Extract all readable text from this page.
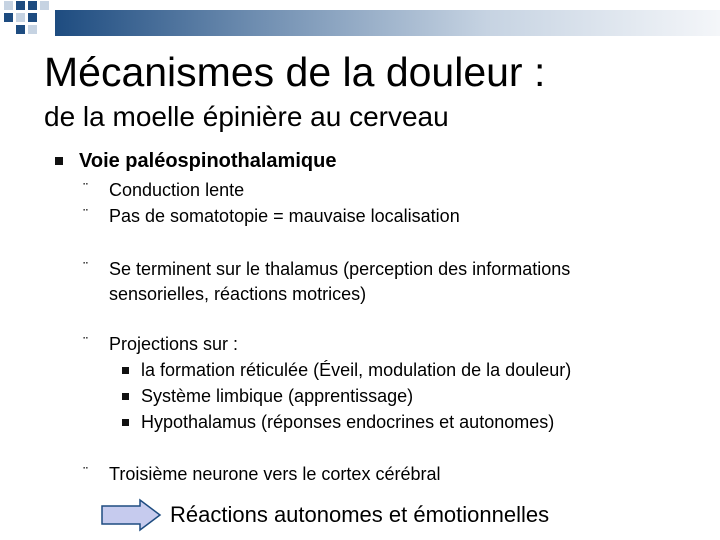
Mécanismes de la douleur :
de la moelle épinière au cerveau
Voie paléospinothalamique
¨ Conduction lente
¨ Pas de somatotopie = mauvaise localisation
¨ Se terminent sur le thalamus (perception des informations
sensorielles, réactions motrices)
¨ Projections sur :
la formation réticulée (Éveil, modulation de la douleur)
Système limbique (apprentissage)
Hypothalamus (réponses endocrines et autonomes)
¨ Troisième neurone vers le cortex cérébral
Réactions autonomes et émotionnelles
